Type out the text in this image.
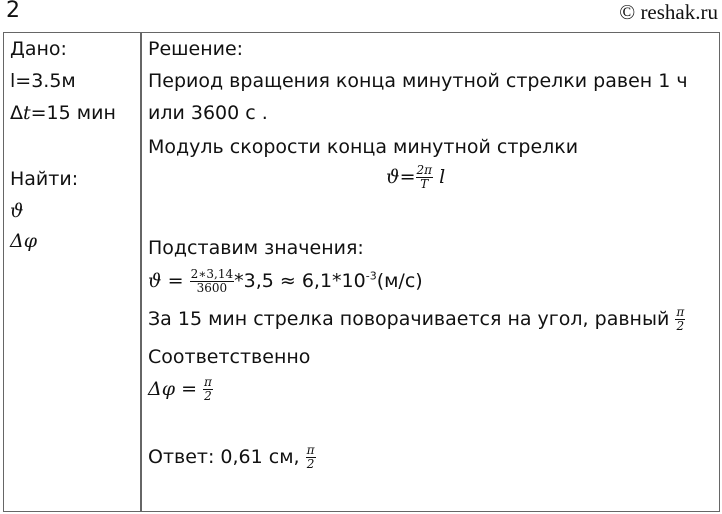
2	© reshak.ru
Дано:
l=3.5м
Δt=15 мин
Найти:
ϑ
Δφ
Решение:
Период вращения конца минутной стрелки равен 1 ч
или 3600 с .
Модуль скорости конца минутной стрелки
$ϑ= \frac{2\pi}{T}$ l
Подставим значения:
$ϑ = \frac{2∗3,14}{3600} *3,5 \approx 6,1*10^{-3}(м/с)$
За 15 мин стрелка поворачивается на угол, равный $\frac{\pi}{2}$
Соответственно
$\Delta\varphi = \frac{\pi}{2}$
Ответ: 0,61 см, $\frac{\pi}{2}$
